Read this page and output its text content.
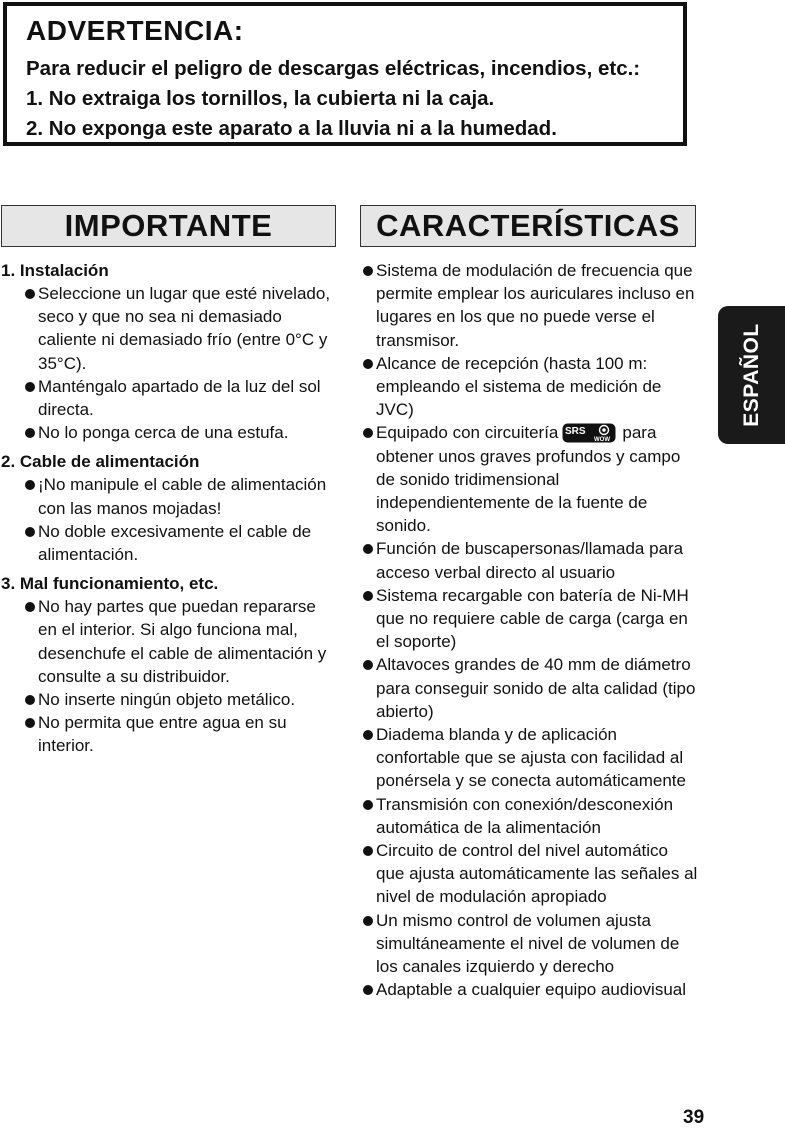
ADVERTENCIA:
Para reducir el peligro de descargas eléctricas, incendios, etc.:
1. No extraiga los tornillos, la cubierta ni la caja.
2. No exponga este aparato a la lluvia ni a la humedad.
IMPORTANTE	CARACTERÍSTICAS
1. Instalación
Seleccione un lugar que esté nivelado, seco y que no sea ni demasiado caliente ni demasiado frío (entre 0°C y 35°C).
Manténgalo apartado de la luz del sol directa.
No lo ponga cerca de una estufa.
2. Cable de alimentación
¡No manipule el cable de alimentación con las manos mojadas!
No doble excesivamente el cable de alimentación.
3. Mal funcionamiento, etc.
No hay partes que puedan repararse en el interior. Si algo funciona mal, desenchufe el cable de alimentación y consulte a su distribuidor.
No inserte ningún objeto metálico.
No permita que entre agua en su interior.
Sistema de modulación de frecuencia que permite emplear los auriculares incluso en lugares en los que no puede verse el transmisor.
Alcance de recepción (hasta 100 m: empleando el sistema de medición de JVC)
Equipado con circuitería SRS
WOW para obtener unos graves profundos y campo de sonido tridimensional independientemente de la fuente de sonido.
Función de buscapersonas/llamada para acceso verbal directo al usuario
Sistema recargable con batería de Ni-MH que no requiere cable de carga (carga en el soporte)
Altavoces grandes de 40 mm de diámetro para conseguir sonido de alta calidad (tipo abierto)
Diadema blanda y de aplicación confortable que se ajusta con facilidad al ponérsela y se conecta automáticamente
Transmisión con conexión/desconexión automática de la alimentación
Circuito de control del nivel automático que ajusta automáticamente las señales al nivel de modulación apropiado
Un mismo control de volumen ajusta simultáneamente el nivel de volumen de los canales izquierdo y derecho
Adaptable a cualquier equipo audiovisual
ESPAÑOL
39
